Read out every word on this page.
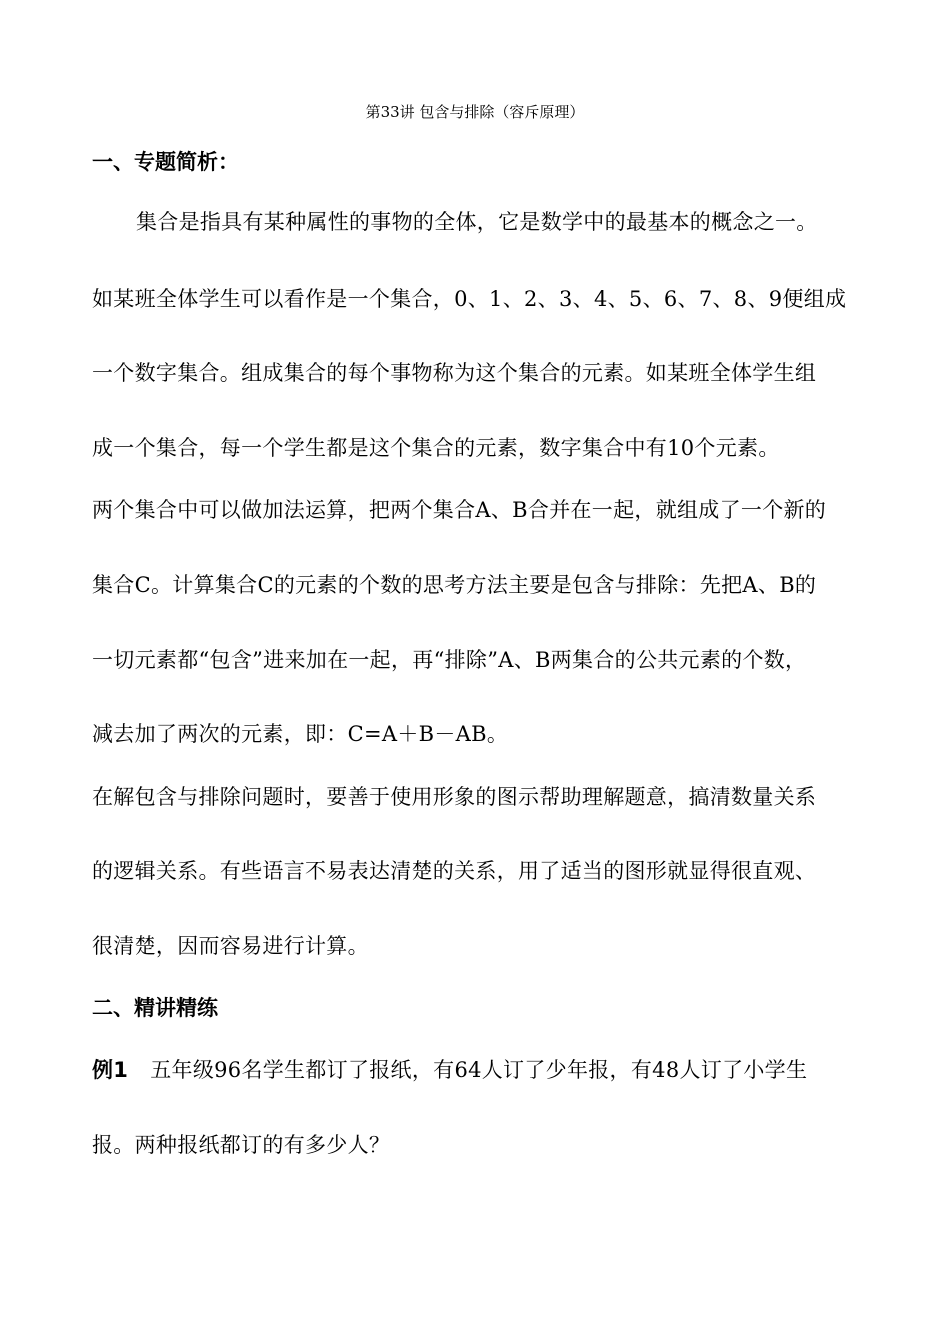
第33讲 包含与排除（容斥原理）
一、专题简析：
集合是指具有某种属性的事物的全体，它是数学中的最基本的概念之一。
如某班全体学生可以看作是一个集合，0、1、2、3、4、5、6、7、8、9便组成
一个数字集合。组成集合的每个事物称为这个集合的元素。如某班全体学生组
成一个集合，每一个学生都是这个集合的元素，数字集合中有10个元素。
两个集合中可以做加法运算，把两个集合A、B合并在一起，就组成了一个新的
集合C。计算集合C的元素的个数的思考方法主要是包含与排除：先把A、B的
一切元素都“包含”进来加在一起，再“排除”A、B两集合的公共元素的个数，
减去加了两次的元素，即：C=A＋B－AB。
在解包含与排除问题时，要善于使用形象的图示帮助理解题意，搞清数量关系
的逻辑关系。有些语言不易表达清楚的关系，用了适当的图形就显得很直观、
很清楚，因而容易进行计算。
二、精讲精练
例1 五年级96名学生都订了报纸，有64人订了少年报，有48人订了小学生
报。两种报纸都订的有多少人？
